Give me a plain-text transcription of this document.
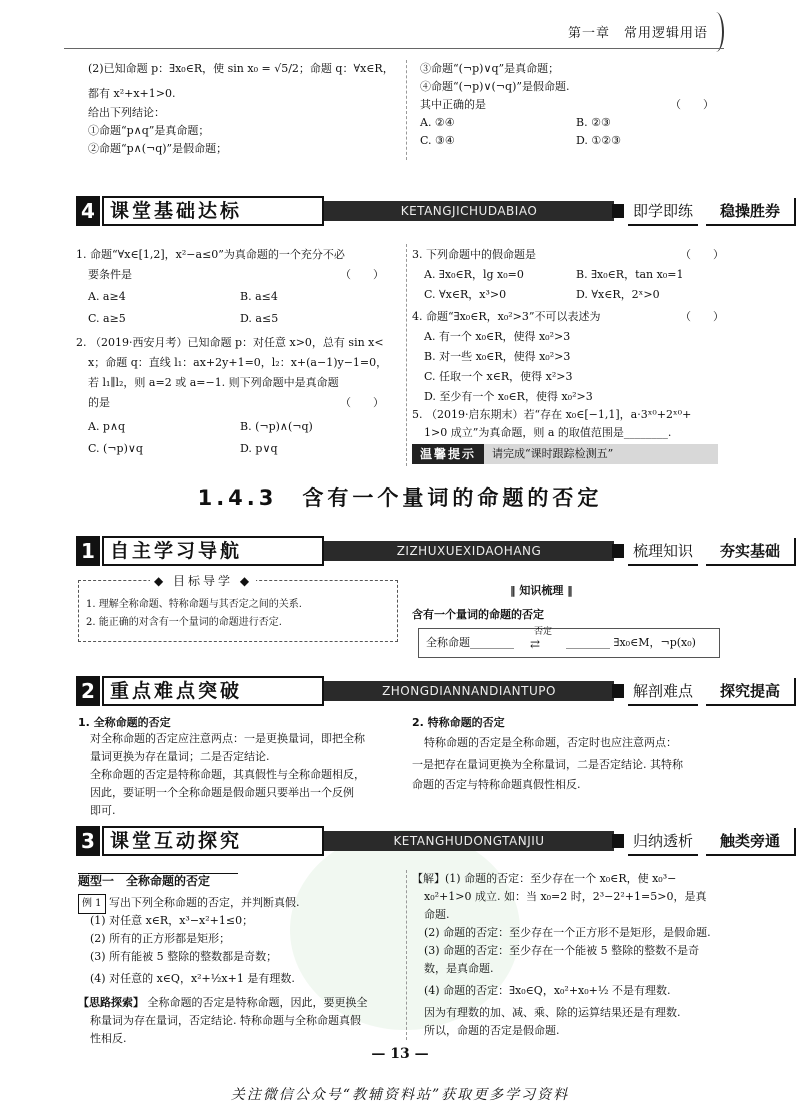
第一章　常用逻辑用语
(2)已知命题 p：∃x₀∈R，使 sin x₀ = √5/2；命题 q：∀x∈R，
都有 x²+x+1>0.
给出下列结论：
①命题“p∧q”是真命题；
②命题“p∧(¬q)”是假命题；
③命题“(¬p)∨q”是真命题；
④命题“(¬p)∨(¬q)”是假命题.
其中正确的是	（　　）
A. ②④	B. ②③
C. ③④	D. ①②③
4 课堂基础达标	KETANGJICHUDABIAO	即学即练	稳操胜券
1. 命题“∀x∈[1,2]，x²−a≤0”为真命题的一个充分不必
要条件是	（　　）
A. a≥4	B. a≤4
C. a≥5	D. a≤5
2. （2019·西安月考）已知命题 p：对任意 x>0，总有 sin x<
x；命题 q：直线 l₁：ax+2y+1=0，l₂：x+(a−1)y−1=0，
若 l₁∥l₂，则 a=2 或 a=−1. 则下列命题中是真命题
的是	（　　）
A. p∧q	B. (¬p)∧(¬q)
C. (¬p)∨q	D. p∨q
3. 下列命题中的假命题是	（　　）
A. ∃x₀∈R，lg x₀=0	B. ∃x₀∈R，tan x₀=1
C. ∀x∈R，x³>0	D. ∀x∈R，2ˣ>0
4. 命题“∃x₀∈R，x₀²>3”不可以表述为	（　　）
A. 有一个 x₀∈R，使得 x₀²>3
B. 对一些 x₀∈R，使得 x₀²>3
C. 任取一个 x∈R，使得 x²>3
D. 至少有一个 x₀∈R，使得 x₀²>3
5. （2019·启东期末）若“存在 x₀∈[−1,1]，a·3ˣ⁰+2ˣ⁰+
1>0 成立”为真命题，则 a 的取值范围是________.
温馨提示	请完成“课时跟踪检测五”
1.4.3　含有一个量词的命题的否定
1 自主学习导航	ZIZHUXUEXIDAOHANG	梳理知识	夯实基础
◆ 目标导学 ◆
1. 理解全称命题、特称命题与其否定之间的关系.
2. 能正确的对含有一个量词的命题进行否定.
‖ 知识梳理 ‖
含有一个量词的命题的否定
全称命题________
否定
⇄ ________ ∃x₀∈M，¬p(x₀)
2 重点难点突破	ZHONGDIANNANDIANTUPO	解剖难点	探究提高
1. 全称命题的否定
对全称命题的否定应注意两点：一是更换量词，即把全称
量词更换为存在量词；二是否定结论.
全称命题的否定是特称命题，其真假性与全称命题相反，
因此，要证明一个全称命题是假命题只要举出一个反例
即可.
2. 特称命题的否定
特称命题的否定是全称命题，否定时也应注意两点：
一是把存在量词更换为全称量词，二是否定结论. 其特称
命题的否定与特称命题真假性相反.
3 课堂互动探究	KETANGHUDONGTANJIU	归纳透析	触类旁通
题型一　全称命题的否定
例 1 写出下列全称命题的否定，并判断真假.
(1) 对任意 x∈R，x³−x²+1≤0；
(2) 所有的正方形都是矩形；
(3) 所有能被 5 整除的整数都是奇数；
(4) 对任意的 x∈Q，x²+½x+1 是有理数.
【思路探索】 全称命题的否定是特称命题，因此，要更换全
称量词为存在量词，否定结论. 特称命题与全称命题真假
性相反.
【解】(1) 命题的否定：至少存在一个 x₀∈R，使 x₀³−
x₀²+1>0 成立. 如：当 x₀=2 时，2³−2²+1=5>0，是真
命题.
(2) 命题的否定：至少存在一个正方形不是矩形，是假命题.
(3) 命题的否定：至少存在一个能被 5 整除的整数不是奇
数，是真命题.
(4) 命题的否定：∃x₀∈Q，x₀²+x₀+½ 不是有理数.
因为有理数的加、减、乘、除的运算结果还是有理数.
所以，命题的否定是假命题.
— 13 —
关注微信公众号“教辅资料站”获取更多学习资料
